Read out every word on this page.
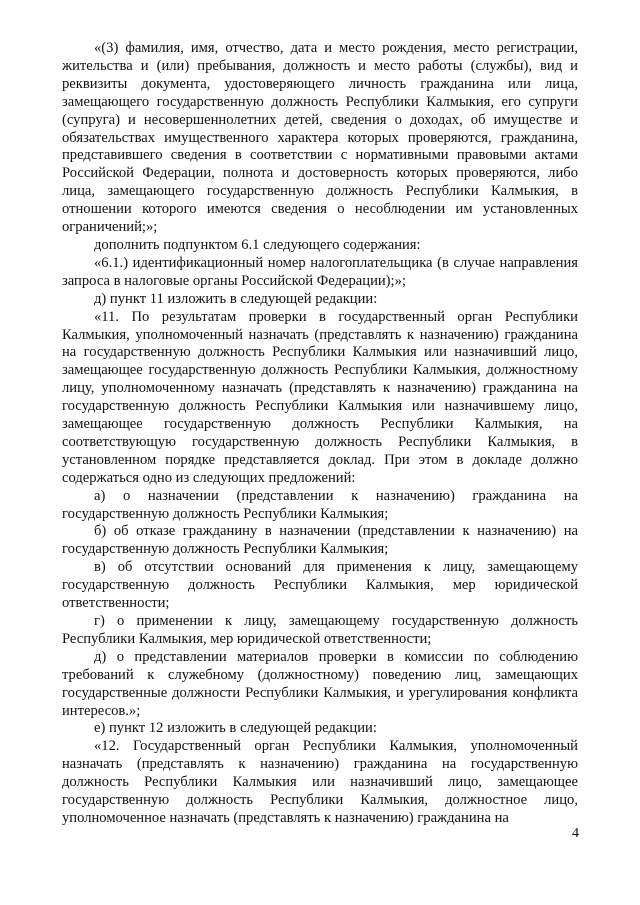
«(3) фамилия, имя, отчество, дата и место рождения, место регистрации, жительства и (или) пребывания, должность и место работы (службы), вид и реквизиты документа, удостоверяющего личность гражданина или лица, замещающего государственную должность Республики Калмыкия, его супруги (супруга) и несовершеннолетних детей, сведения о доходах, об имуществе и обязательствах имущественного характера которых проверяются, гражданина, представившего сведения в соответствии с нормативными правовыми актами Российской Федерации, полнота и достоверность которых проверяются, либо лица, замещающего государственную должность Республики Калмыкия, в отношении которого имеются сведения о несоблюдении им установленных ограничений;»;

дополнить подпунктом 6.1 следующего содержания:

«6.1.) идентификационный номер налогоплательщика (в случае направления запроса в налоговые органы Российской Федерации);»;

д) пункт 11 изложить в следующей редакции:

«11. По результатам проверки в государственный орган Республики Калмыкия, уполномоченный назначать (представлять к назначению) гражданина на государственную должность Республики Калмыкия или назначивший лицо, замещающее государственную должность Республики Калмыкия, должностному лицу, уполномоченному назначать (представлять к назначению) гражданина на государственную должность Республики Калмыкия или назначившему лицо, замещающее государственную должность Республики Калмыкия, на соответствующую государственную должность Республики Калмыкия, в установленном порядке представляется доклад. При этом в докладе должно содержаться одно из следующих предложений:

а) о назначении (представлении к назначению) гражданина на государственную должность Республики Калмыкия;

б) об отказе гражданину в назначении (представлении к назначению) на государственную должность Республики Калмыкия;

в) об отсутствии оснований для применения к лицу, замещающему государственную должность Республики Калмыкия, мер юридической ответственности;

г) о применении к лицу, замещающему государственную должность Республики Калмыкия, мер юридической ответственности;

д) о представлении материалов проверки в комиссии по соблюдению требований к служебному (должностному) поведению лиц, замещающих государственные должности Республики Калмыкия, и урегулирования конфликта интересов.»;

е) пункт 12 изложить в следующей редакции:

«12. Государственный орган Республики Калмыкия, уполномоченный назначать (представлять к назначению) гражданина на государственную должность Республики Калмыкия или назначивший лицо, замещающее государственную должность Республики Калмыкия, должностное лицо, уполномоченное назначать (представлять к назначению) гражданина на

4
